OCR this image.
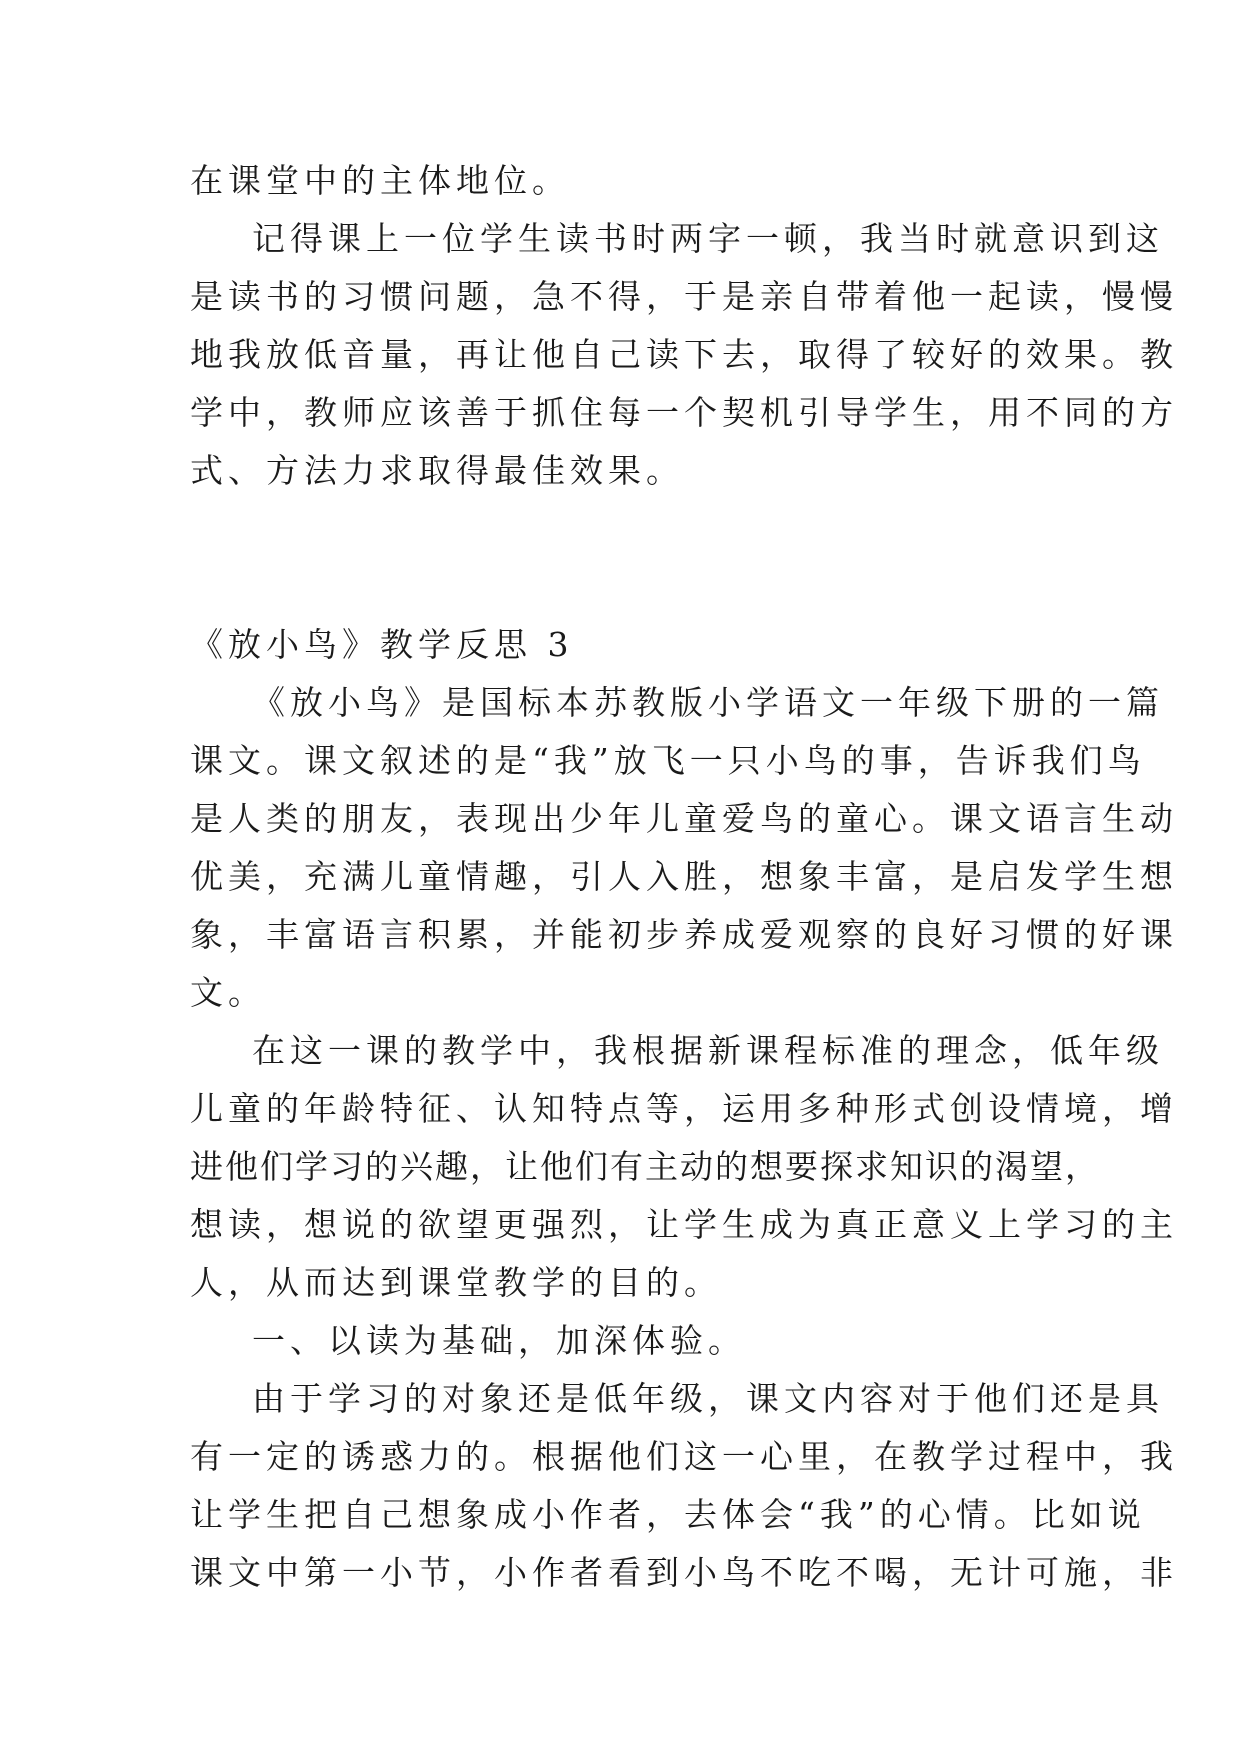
在课堂中的主体地位。
记得课上一位学生读书时两字一顿，我当时就意识到这
是读书的习惯问题，急不得，于是亲自带着他一起读，慢慢
地我放低音量，再让他自己读下去，取得了较好的效果。教
学中，教师应该善于抓住每一个契机引导学生，用不同的方
式、方法力求取得最佳效果。
《放小鸟》教学反思 3
《放小鸟》是国标本苏教版小学语文一年级下册的一篇
课文。课文叙述的是“我”放飞一只小鸟的事，告诉我们鸟
是人类的朋友，表现出少年儿童爱鸟的童心。课文语言生动
优美，充满儿童情趣，引人入胜，想象丰富，是启发学生想
象，丰富语言积累，并能初步养成爱观察的良好习惯的好课
文。
在这一课的教学中，我根据新课程标准的理念，低年级
儿童的年龄特征、认知特点等，运用多种形式创设情境，增
进他们学习的兴趣，让他们有主动的想要探求知识的渴望，
想读，想说的欲望更强烈，让学生成为真正意义上学习的主
人，从而达到课堂教学的目的。
一、以读为基础，加深体验。
由于学习的对象还是低年级，课文内容对于他们还是具
有一定的诱惑力的。根据他们这一心里，在教学过程中，我
让学生把自己想象成小作者，去体会“我”的心情。比如说
课文中第一小节，小作者看到小鸟不吃不喝，无计可施，非
